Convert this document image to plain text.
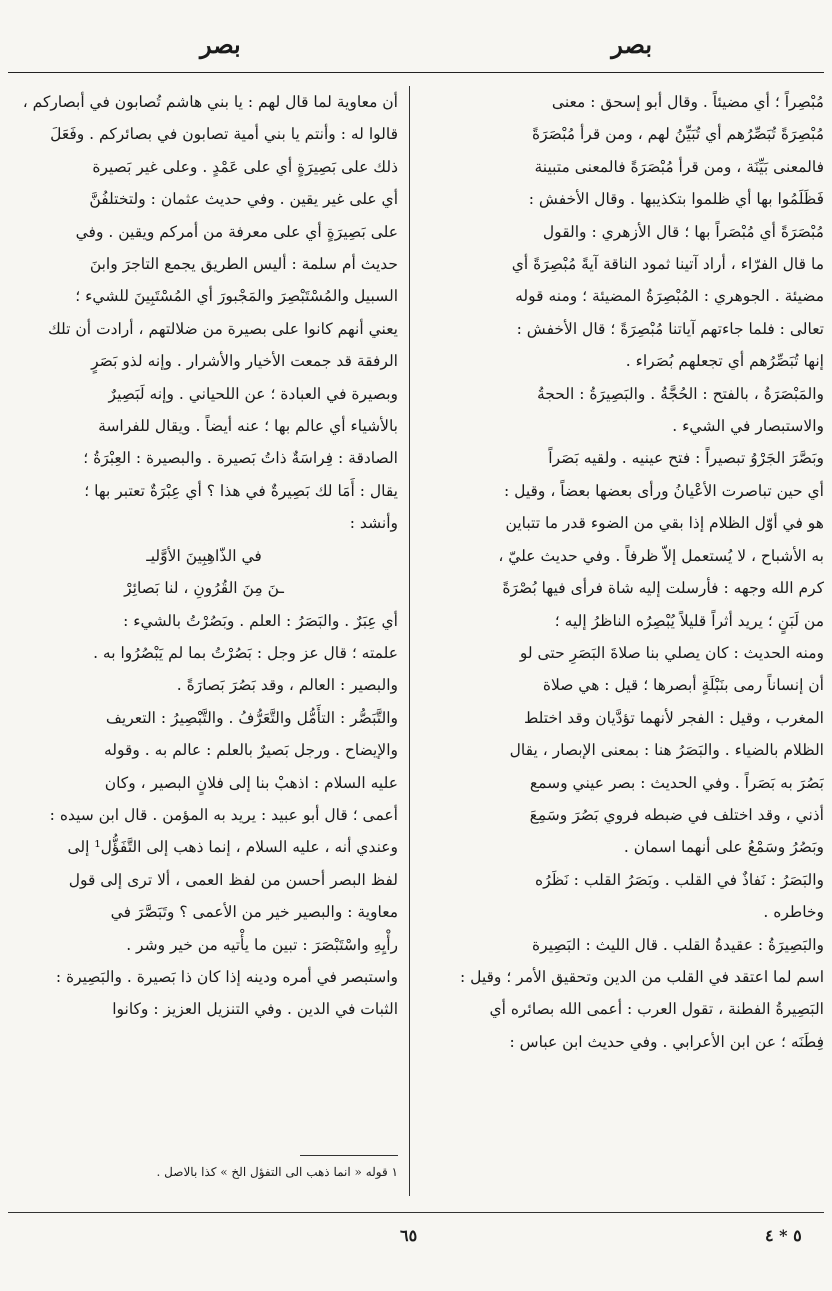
بصر	بصر

مُبْصِراً ؛ أي مضيئاً . وقال أبو إسحق : معنى

مُبْصِرَةً تُبَصِّرُهم أي تُبَيِّنُ لهم ، ومن قرأ مُبْصَرَةً

فالمعنى بَيِّنَة ، ومن قرأ مُبْصَرَةً فالمعنى متبينة

فَظَلَمُوا بها أي ظلموا بتكذيبها . وقال الأخفش :

مُبْصَرَةً أي مُبْصَراً بها ؛ قال الأزهري : والقول

ما قال الفرّاء ، أراد آتينا ثمود الناقة آيةً مُبْصِرَةً أي

مضيئة . الجوهري : المُبْصِرَةُ المضيئة ؛ ومنه قوله

تعالى : فلما جاءتهم آياتنا مُبْصِرَةً ؛ قال الأخفش :

إنها تُبَصِّرُهم أي تجعلهم بُصَراء .

والمَبْصَرَةُ ، بالفتح : الحُجَّةُ . والبَصِيرَةُ : الحجةُ

والاستبصار في الشيء .

وبَصَّرَ الجَرْوُ تبصيراً : فتح عينيه . ولقيه بَصَراً

أي حين تباصرت الأعْيانُ ورأى بعضها بعضاً ، وقيل :

هو في أوّل الظلام إذا بقي من الضوء قدر ما تتباين

به الأشباح ، لا يُستعمل إلاّ ظرفاً . وفي حديث عليّ ،

كرم الله وجهه : فأرسلت إليه شاة فرأى فيها بُصْرَةً

من لَبَنٍ ؛ يريد أثراً قليلاً يُبْصِرُه الناظرُ إليه ؛

ومنه الحديث : كان يصلي بنا صلاةَ البَصَرِ حتى لو

أن إنساناً رمى بنَبْلَةٍ أبصرها ؛ قيل : هي صلاة

المغرب ، وقيل : الفجر لأنهما تؤدَّيان وقد اختلط

الظلام بالضياء . والبَصَرُ هنا : بمعنى الإبصار ، يقال

بَصُرَ به بَصَراً . وفي الحديث : بصر عيني وسمع

أذني ، وقد اختلف في ضبطه فروي بَصُرَ وسَمِعَ

وبَصُرُ وسَمْعُ على أنهما اسمان .

والبَصَرُ : نَفاذٌ في القلب . وبَصَرُ القلب : نَظَرُه

وخاطره .

والبَصِيرَةُ : عقيدةُ القلب . قال الليث : البَصِيرة

اسم لما اعتقد في القلب من الدين وتحقيق الأمر ؛ وقيل :

البَصِيرةُ الفطنة ، تقول العرب : أعمى الله بصائره أي

فِطَنَه ؛ عن ابن الأعرابي . وفي حديث ابن عباس :

أن معاوية لما قال لهم : يا بني هاشم تُصابون في أبصاركم ،

قالوا له : وأنتم يا بني أمية تصابون في بصائركم . وفَعَلَ

ذلك على بَصِيرَةٍ أي على عَمْدٍ . وعلى غير بَصيرة

أي على غير يقين . وفي حديث عثمان : ولتختلفُنَّ

على بَصِيرَةٍ أي على معرفة من أمركم ويقين . وفي

حديث أم سلمة : أليس الطريق يجمع التاجرَ وابنَ

السبيل والمُسْتَبْصِرَ والمَجْبورَ أي المُسْتَبِينَ للشيء ؛

يعني أنهم كانوا على بصيرة من ضلالتهم ، أرادت أن تلك

الرفقة قد جمعت الأخيار والأشرار . وإنه لذو بَصَرٍ

وبصيرة في العبادة ؛ عن اللحياني . وإنه لَبَصِيرٌ

بالأشياء أي عالم بها ؛ عنه أيضاً . ويقال للفراسة

الصادقة : فِراسَةٌ ذاتُ بَصيرة . والبصيرة : العِبْرَةُ ؛

يقال : أَمَا لك بَصِيرةٌ في هذا ؟ أي عِبْرَةٌ تعتبر بها ؛

وأنشد :

في الذّاهِبِينَ الأوَّليـ

ـنَ مِنَ القُرُونِ ، لنا بَصائِرْ

أي عِبَرٌ . والبَصَرُ : العلم . وبَصُرْتُ بالشيء :

علمته ؛ قال عز وجل : بَصُرْتُ بما لم يَبْصُرُوا به .

والبصير : العالم ، وقد بَصُرَ بَصارَةً .

والتَّبَصُّر : التأَمُّل والتَّعَرُّفُ . والتَّبْصِيرُ : التعريف

والإيضاح . ورجل بَصيرٌ بالعلم : عالم به . وقوله

عليه السلام : اذهبْ بنا إلى فلانٍ البصير ، وكان

أعمى ؛ قال أبو عبيد : يريد به المؤمن . قال ابن سيده :

وعندي أنه ، عليه السلام ، إنما ذهب إلى التَّفَؤُّل¹ إلى

لفظ البصر أحسن من لفظ العمى ، ألا ترى إلى قول

معاوية : والبصير خير من الأعمى ؟ وتَبَصَّرَ في

رأْيِهِ واسْتَبْصَرَ : تبين ما يأْتيه من خير وشر .

واستبصر في أمره ودينه إذا كان ذا بَصيرة . والبَصِيرة :

الثبات في الدين . وفي التنزيل العزيز : وكانوا

١ قوله « انما ذهب الى التفؤل الخ » كذا بالاصل .
٦٥	٥ * ٤
